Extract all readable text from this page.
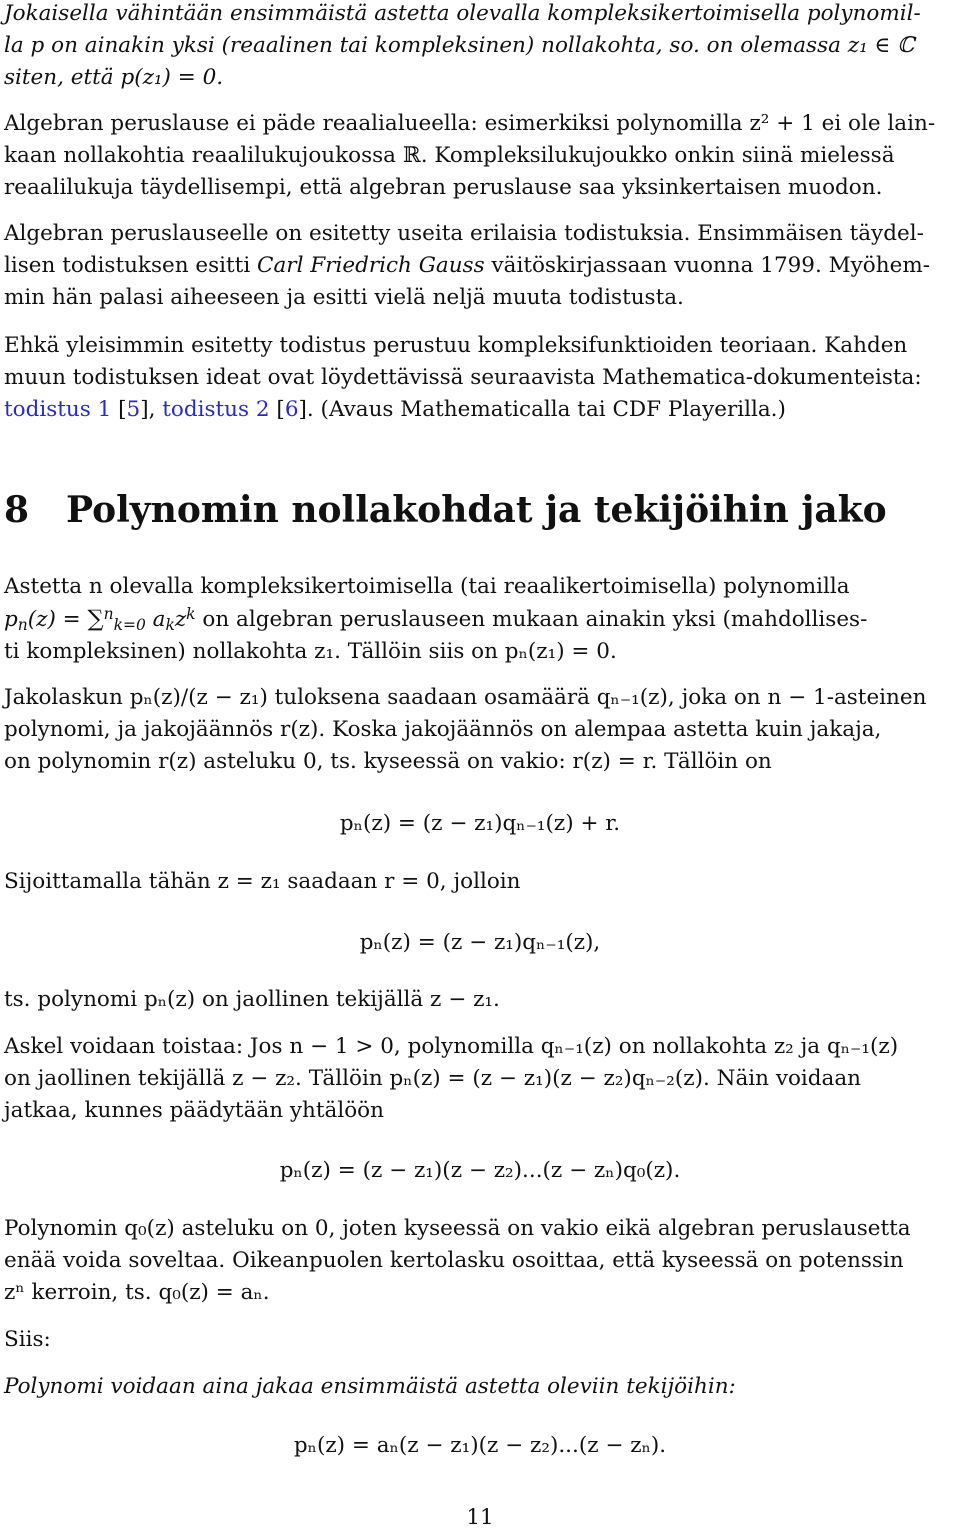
Jokaisella vähintään ensimmäistä astetta olevalla kompleksikertoimisella polynomil-
la p on ainakin yksi (reaalinen tai kompleksinen) nollakohta, so. on olemassa z₁ ∈ ℂ
siten, että p(z₁) = 0.
Algebran peruslause ei päde reaalialueella: esimerkiksi polynomilla z² + 1 ei ole lain-
kaan nollakohtia reaalilukujoukossa ℝ. Kompleksilukujoukko onkin siinä mielessä
reaalilukuja täydellisempi, että algebran peruslause saa yksinkertaisen muodon.
Algebran peruslauseelle on esitetty useita erilaisia todistuksia. Ensimmäisen täydel-
lisen todistuksen esitti Carl Friedrich Gauss väitöskirjassaan vuonna 1799. Myöhem-
min hän palasi aiheeseen ja esitti vielä neljä muuta todistusta.
Ehkä yleisimmin esitetty todistus perustuu kompleksifunktioiden teoriaan. Kahden
muun todistuksen ideat ovat löydettävissä seuraavista Mathematica-dokumenteista:
todistus 1 [5], todistus 2 [6]. (Avaus Mathematicalla tai CDF Playerilla.)
8 Polynomin nollakohdat ja tekijöihin jako
Astetta n olevalla kompleksikertoimisella (tai reaalikertoimisella) polynomilla
$p_n(z) = \sum^n_{k=0}$ $a_kz^k$ on algebran peruslauseen mukaan ainakin yksi (mahdollises-
ti kompleksinen) nollakohta z₁. Tällöin siis on pₙ(z₁) = 0.
Jakolaskun pₙ(z)/(z − z₁) tuloksena saadaan osamäärä qₙ₋₁(z), joka on n − 1-asteinen
polynomi, ja jakojäännös r(z). Koska jakojäännös on alempaa astetta kuin jakaja,
on polynomin r(z) asteluku 0, ts. kyseessä on vakio: r(z) = r. Tällöin on
pₙ(z) = (z − z₁)qₙ₋₁(z) + r.
Sijoittamalla tähän z = z₁ saadaan r = 0, jolloin
pₙ(z) = (z − z₁)qₙ₋₁(z),
ts. polynomi pₙ(z) on jaollinen tekijällä z − z₁.
Askel voidaan toistaa: Jos n − 1 > 0, polynomilla qₙ₋₁(z) on nollakohta z₂ ja qₙ₋₁(z)
on jaollinen tekijällä z − z₂. Tällöin pₙ(z) = (z − z₁)(z − z₂)qₙ₋₂(z). Näin voidaan
jatkaa, kunnes päädytään yhtälöön
pₙ(z) = (z − z₁)(z − z₂)...(z − zₙ)q₀(z).
Polynomin q₀(z) asteluku on 0, joten kyseessä on vakio eikä algebran peruslausetta
enää voida soveltaa. Oikeanpuolen kertolasku osoittaa, että kyseessä on potenssin
zⁿ kerroin, ts. q₀(z) = aₙ.
Siis:
Polynomi voidaan aina jakaa ensimmäistä astetta oleviin tekijöihin:
pₙ(z) = aₙ(z − z₁)(z − z₂)...(z − zₙ).
11
